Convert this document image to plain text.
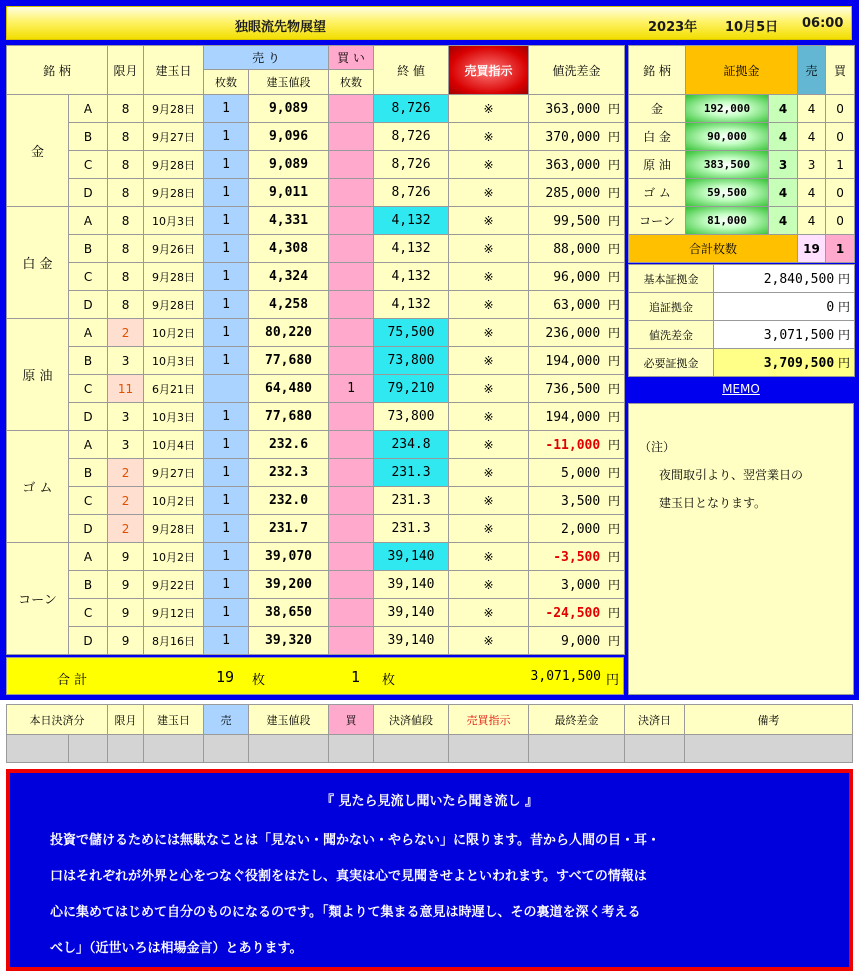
独眼流先物展望	2023年 10月5日 06:00
銘 柄		限月	建玉日	売 り		買 い	終 値	売買指示	値洗差金
				枚数	建玉値段	枚数			
金	A	8	9月28日	1	9,089		8,726	※	363,000 円
	B	8	9月27日	1	9,096		8,726	※	370,000 円
	C	8	9月28日	1	9,089		8,726	※	363,000 円
	D	8	9月28日	1	9,011		8,726	※	285,000 円
白 金	A	8	10月3日	1	4,331		4,132	※	99,500 円
	B	8	9月26日	1	4,308		4,132	※	88,000 円
	C	8	9月28日	1	4,324		4,132	※	96,000 円
	D	8	9月28日	1	4,258		4,132	※	63,000 円
原 油	A	2	10月2日	1	80,220		75,500	※	236,000 円
	B	3	10月3日	1	77,680		73,800	※	194,000 円
	C	11	6月21日		64,480	1	79,210	※	736,500 円
	D	3	10月3日	1	77,680		73,800	※	194,000 円
ゴ ム	A	3	10月4日	1	232.6		234.8	※	-11,000 円
	B	2	9月27日	1	232.3		231.3	※	5,000 円
	C	2	10月2日	1	232.0		231.3	※	3,500 円
	D	2	9月28日	1	231.7		231.3	※	2,000 円
コーン	A	9	10月2日	1	39,070		39,140	※	-3,500 円
	B	9	9月22日	1	39,200		39,140	※	3,000 円
	C	9	9月12日	1	38,650		39,140	※	-24,500 円
	D	9	8月16日	1	39,320		39,140	※	9,000 円
合 計	19 枚	1 枚	3,071,500 円
銘 柄	証拠金		売	買
金	192,000	4	4	0
白 金	90,000	4	4	0
原 油	383,500	3	3	1
ゴ ム	59,500	4	4	0
コーン	81,000	4	4	0
合計枚数			19	1
基本証拠金	2,840,500 円
追証拠金	0 円
値洗差金	3,071,500 円
必要証拠金	3,709,500 円
MEMO
（注）
夜間取引より、翌営業日の
建玉日となります。
本日決済分		限月	建玉日	売	建玉値段	買	決済値段	売買指示	最終差金	決済日	備考

『 見たら見流し聞いたら聞き流し 』
投資で儲けるためには無駄なことは「見ない・聞かない・やらない」に限ります。昔から人間の目・耳・
口はそれぞれが外界と心をつなぐ役割をはたし、真実は心で見聞きせよといわれます。すべての情報は
心に集めてはじめて自分のものになるのです。「類よりて集まる意見は時遅し、その裏道を深く考える
べし」（近世いろは相場金言）とあります。
